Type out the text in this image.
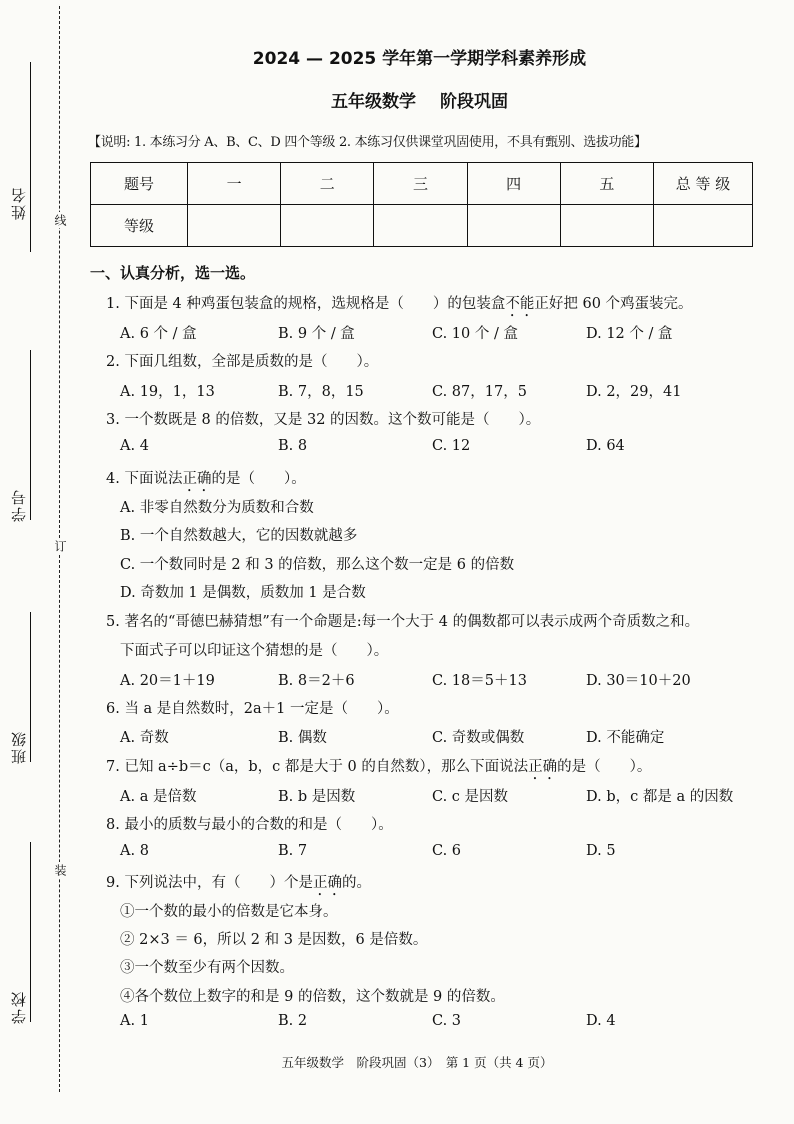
姓名
学号
班级
学校
线
订
装
2024 — 2025 学年第一学期学科素养形成
五年级数学 阶段巩固
【说明: 1. 本练习分 A、B、C、D 四个等级 2. 本练习仅供课堂巩固使用，不具有甄别、选拔功能】
题号	一	二	三	四	五	总 等 级
等级						
一、认真分析，选一选。
1. 下面是 4 种鸡蛋包装盒的规格，选规格是（　　）的包装盒不能正好把 60 个鸡蛋装完。
A. 6 个 / 盒	B. 9 个 / 盒	C. 10 个 / 盒	D. 12 个 / 盒
2. 下面几组数，全部是质数的是（　　）。
A. 19，1，13	B. 7，8，15	C. 87，17，5	D. 2，29，41
3. 一个数既是 8 的倍数，又是 32 的因数。这个数可能是（　　）。
A. 4	B. 8	C. 12	D. 64
4. 下面说法正确的是（　　）。
A. 非零自然数分为质数和合数
B. 一个自然数越大，它的因数就越多
C. 一个数同时是 2 和 3 的倍数，那么这个数一定是 6 的倍数
D. 奇数加 1 是偶数，质数加 1 是合数
5. 著名的“哥德巴赫猜想”有一个命题是:每一个大于 4 的偶数都可以表示成两个奇质数之和。
下面式子可以印证这个猜想的是（　　）。
A. 20＝1＋19	B. 8＝2＋6	C. 18＝5＋13	D. 30＝10＋20
6. 当 a 是自然数时，2a＋1 一定是（　　）。
A. 奇数	B. 偶数	C. 奇数或偶数	D. 不能确定
7. 已知 a÷b＝c（a，b，c 都是大于 0 的自然数），那么下面说法正确的是（　　）。
A. a 是倍数	B. b 是因数	C. c 是因数	D. b，c 都是 a 的因数
8. 最小的质数与最小的合数的和是（　　）。
A. 8	B. 7	C. 6	D. 5
9. 下列说法中，有（　　）个是正确的。
①一个数的最小的倍数是它本身。
② 2×3 ＝ 6，所以 2 和 3 是因数，6 是倍数。
③一个数至少有两个因数。
④各个数位上数字的和是 9 的倍数，这个数就是 9 的倍数。
A. 1	B. 2	C. 3	D. 4
五年级数学　阶段巩固（3）　第 1 页（共 4 页）
